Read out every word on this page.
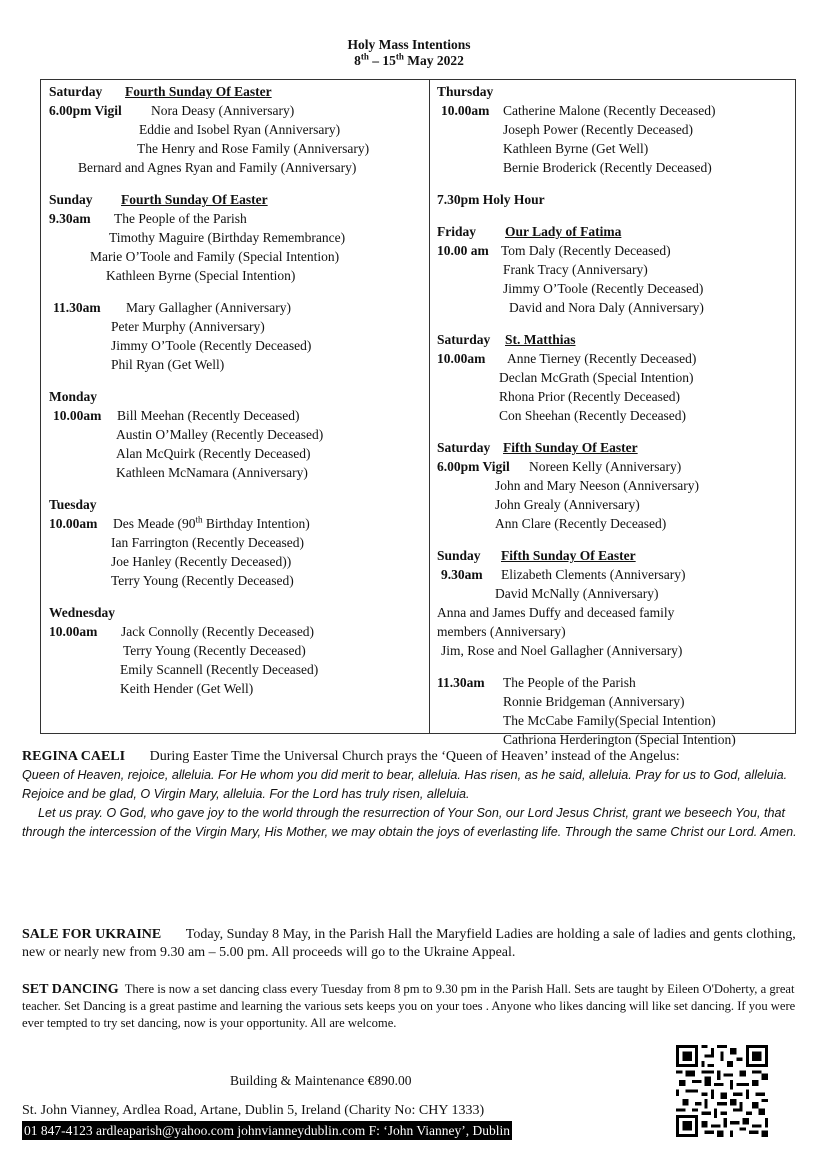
Holy Mass Intentions
8th – 15th May 2022
Saturday Fourth Sunday Of Easter
6.00pm Vigil Nora Deasy (Anniversary)
Eddie and Isobel Ryan (Anniversary)
The Henry and Rose Family (Anniversary)
Bernard and Agnes Ryan and Family (Anniversary)
Sunday Fourth Sunday Of Easter
9.30am The People of the Parish
Timothy Maguire (Birthday Remembrance)
Marie O’Toole and Family (Special Intention)
Kathleen Byrne (Special Intention)
11.30am Mary Gallagher (Anniversary)
Peter Murphy (Anniversary)
Jimmy O’Toole (Recently Deceased)
Phil Ryan (Get Well)
Monday
10.00am Bill Meehan (Recently Deceased)
Austin O’Malley (Recently Deceased)
Alan McQuirk (Recently Deceased)
Kathleen McNamara (Anniversary)
Tuesday
10.00am Des Meade (90th Birthday Intention)
Ian Farrington (Recently Deceased)
Joe Hanley (Recently Deceased))
Terry Young (Recently Deceased)
Wednesday
10.00am Jack Connolly (Recently Deceased)
Terry Young (Recently Deceased)
Emily Scannell (Recently Deceased)
Keith Hender (Get Well)
Thursday
10.00am Catherine Malone (Recently Deceased)
Joseph Power (Recently Deceased)
Kathleen Byrne (Get Well)
Bernie Broderick (Recently Deceased)
7.30pm Holy Hour
Friday Our Lady of Fatima
10.00 am Tom Daly (Recently Deceased)
Frank Tracy (Anniversary)
Jimmy O’Toole (Recently Deceased)
David and Nora Daly (Anniversary)
Saturday St. Matthias
10.00am Anne Tierney (Recently Deceased)
Declan McGrath (Special Intention)
Rhona Prior (Recently Deceased)
Con Sheehan (Recently Deceased)
Saturday Fifth Sunday Of Easter
6.00pm Vigil Noreen Kelly (Anniversary)
John and Mary Neeson (Anniversary)
John Grealy (Anniversary)
Ann Clare (Recently Deceased)
Sunday Fifth Sunday Of Easter
9.30am Elizabeth Clements (Anniversary)
David McNally (Anniversary)
Anna and James Duffy and deceased family
members (Anniversary)
Jim, Rose and Noel Gallagher (Anniversary)
11.30am The People of the Parish
Ronnie Bridgeman (Anniversary)
The McCabe Family(Special Intention)
Cathriona Herderington (Special Intention)
REGINA CAELI During Easter Time the Universal Church prays the ‘Queen of Heaven’ instead of the Angelus:
Queen of Heaven, rejoice, alleluia. For He whom you did merit to bear, alleluia. Has risen, as he said, alleluia. Pray for us to God, alleluia. Rejoice and be glad, O Virgin Mary, alleluia. For the Lord has truly risen, alleluia.
Let us pray. O God, who gave joy to the world through the resurrection of Your Son, our Lord Jesus Christ, grant we beseech You, that through the intercession of the Virgin Mary, His Mother, we may obtain the joys of everlasting life. Through the same Christ our Lord. Amen.
SALE FOR UKRAINE Today, Sunday 8 May, in the Parish Hall the Maryfield Ladies are holding a sale of ladies and gents clothing, new or nearly new from 9.30 am – 5.00 pm. All proceeds will go to the Ukraine Appeal.
SET DANCING There is now a set dancing class every Tuesday from 8 pm to 9.30 pm in the Parish Hall. Sets are taught by Eileen O'Doherty, a great teacher. Set Dancing is a great pastime and learning the various sets keeps you on your toes . Anyone who likes dancing will like set dancing. If you were ever tempted to try set dancing, now is your opportunity. All are welcome.
Building & Maintenance €890.00
St. John Vianney, Ardlea Road, Artane, Dublin 5, Ireland (Charity No: CHY 1333)
01 847-4123 ardleaparish@yahoo.com johnvianneydublin.com F: ‘John Vianney’, Dublin
